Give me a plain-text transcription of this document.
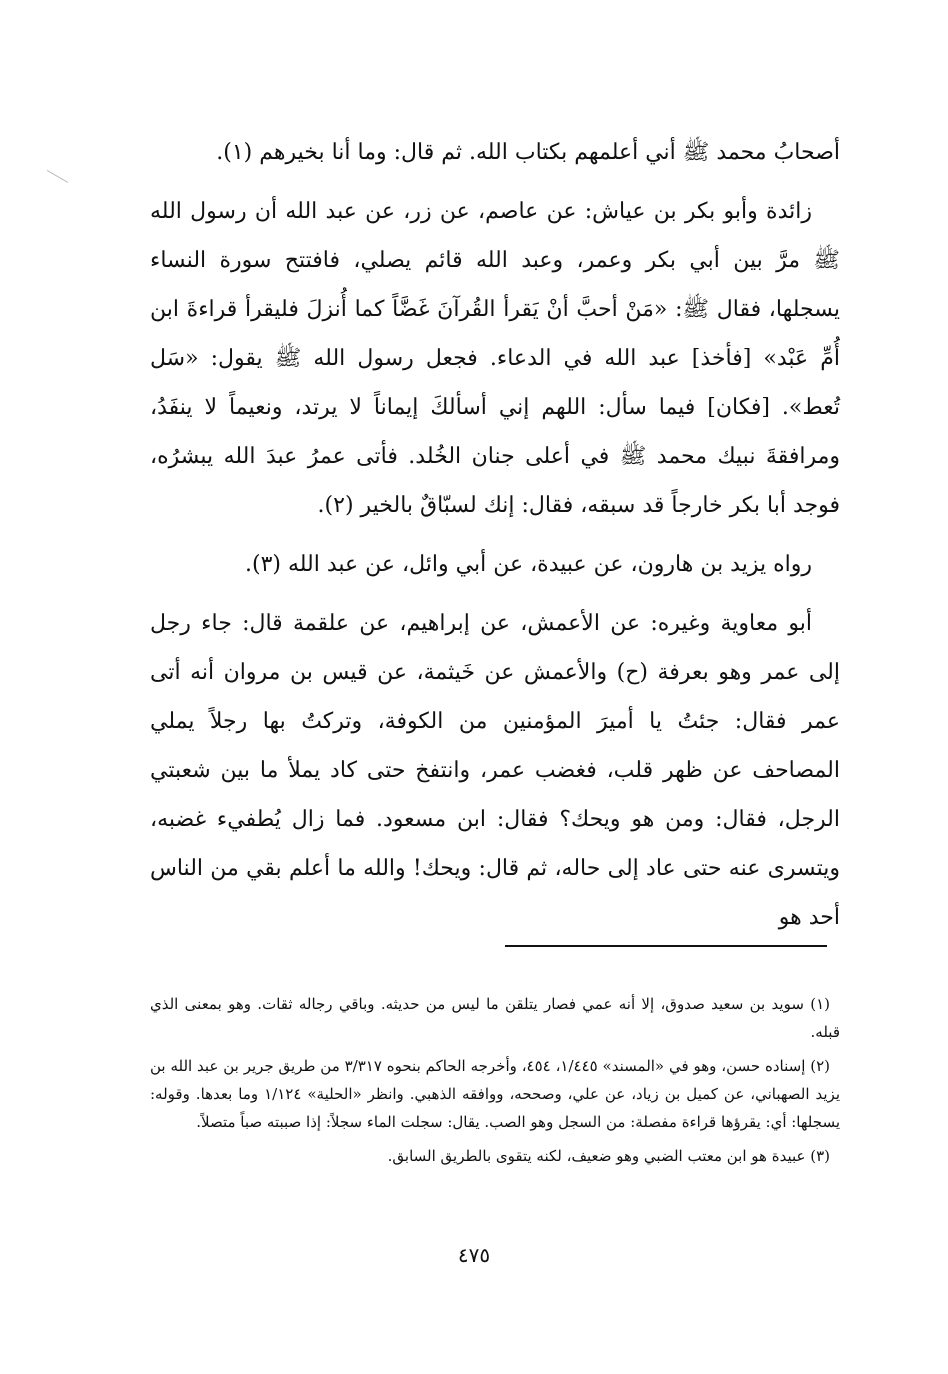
أصحابُ محمد ﷺ أني أعلمهم بكتاب الله. ثم قال: وما أنا بخيرهم (١).

زائدة وأبو بكر بن عياش: عن عاصم، عن زر، عن عبد الله أن رسول الله ﷺ مرَّ بين أبي بكر وعمر، وعبد الله قائم يصلي، فافتتح سورة النساء يسجلها، فقال ﷺ: «مَنْ أحبَّ أنْ يَقرأ القُرآنَ غَضَّاً كما أُنزلَ فليقرأ قراءةَ ابن أُمِّ عَبْد» [فأخذ] عبد الله في الدعاء. فجعل رسول الله ﷺ يقول: «سَل تُعط». [فكان] فيما سأل: اللهم إني أسألكَ إيماناً لا يرتد، ونعيماً لا ينفَدُ، ومرافقةَ نبيك محمد ﷺ في أعلى جنان الخُلد. فأتى عمرُ عبدَ الله يبشرُه، فوجد أبا بكر خارجاً قد سبقه، فقال: إنك لسبّاقٌ بالخير (٢).

رواه يزيد بن هارون، عن عبيدة، عن أبي وائل، عن عبد الله (٣).

أبو معاوية وغيره: عن الأعمش، عن إبراهيم، عن علقمة قال: جاء رجل إلى عمر وهو بعرفة (ح) والأعمش عن خَيثمة، عن قيس بن مروان أنه أتى عمر فقال: جئتُ يا أميرَ المؤمنين من الكوفة، وتركتُ بها رجلاً يملي المصاحف عن ظهر قلب، فغضب عمر، وانتفخ حتى كاد يملأ ما بين شعبتي الرجل، فقال: ومن هو ويحك؟ فقال: ابن مسعود. فما زال يُطفيء غضبه، ويتسرى عنه حتى عاد إلى حاله، ثم قال: ويحك! والله ما أعلم بقي من الناس أحد هو

(١) سويد بن سعيد صدوق، إلا أنه عمي فصار يتلقن ما ليس من حديثه. وباقي رجاله ثقات. وهو بمعنى الذي قبله.

(٢) إسناده حسن، وهو في «المسند» ١/٤٤٥، ٤٥٤، وأخرجه الحاكم بنحوه ٣/٣١٧ من طريق جرير بن عبد الله بن يزيد الصهباني، عن كميل بن زياد، عن علي، وصححه، ووافقه الذهبي. وانظر «الحلية» ١/١٢٤ وما بعدها. وقوله: يسجلها: أي: يقرؤها قراءة مفصلة: من السجل وهو الصب. يقال: سجلت الماء سجلاً: إذا صببته صباً متصلاً.

(٣) عبيدة هو ابن معتب الضبي وهو ضعيف، لكنه يتقوى بالطريق السابق.

٤٧٥
